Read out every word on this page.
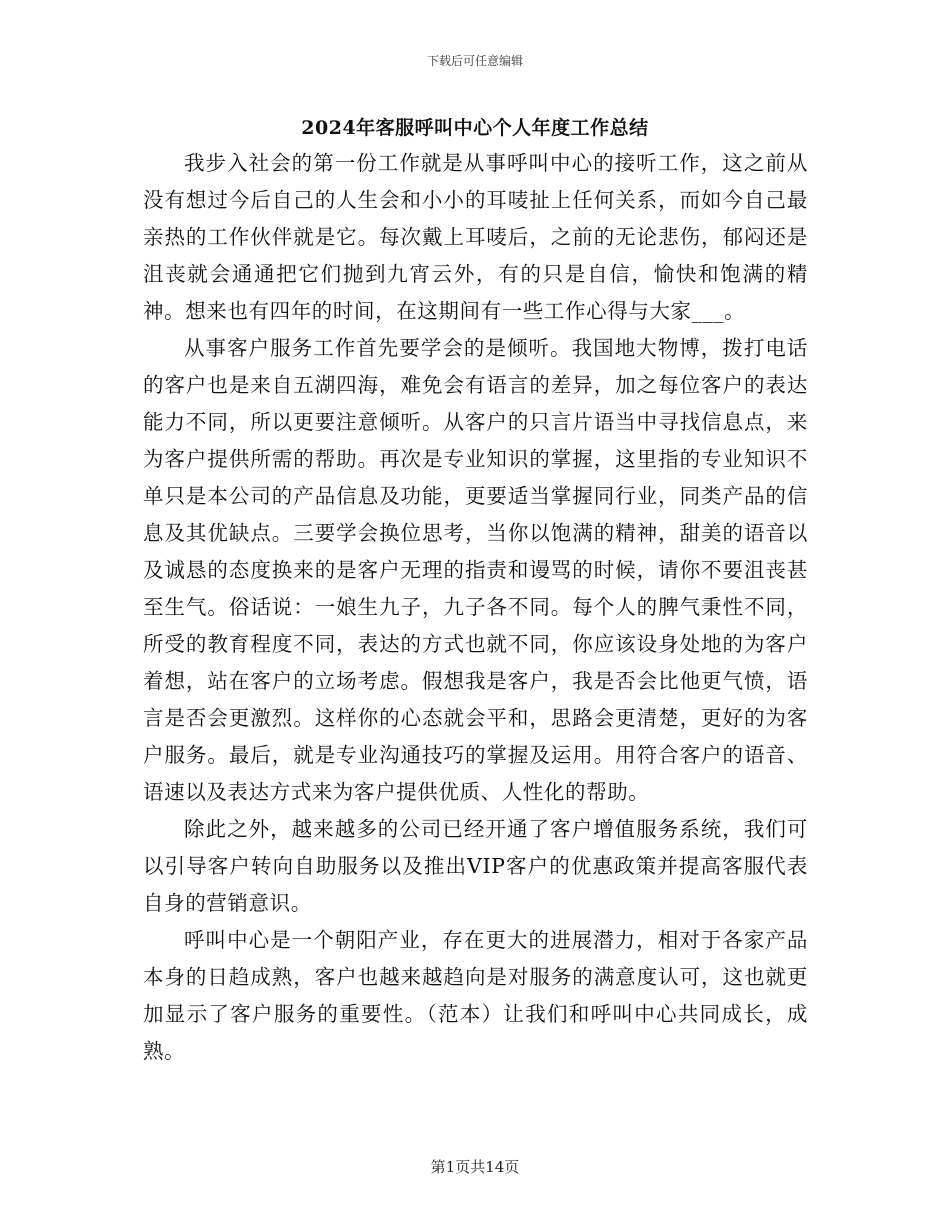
下载后可任意编辑
2024年客服呼叫中心个人年度工作总结

我步入社会的第一份工作就是从事呼叫中心的接听工作，这之前从没有想过今后自己的人生会和小小的耳唛扯上任何关系，而如今自己最亲热的工作伙伴就是它。每次戴上耳唛后，之前的无论悲伤，郁闷还是沮丧就会通通把它们抛到九宵云外，有的只是自信，愉快和饱满的精神。想来也有四年的时间，在这期间有一些工作心得与大家___。

从事客户服务工作首先要学会的是倾听。我国地大物博，拨打电话的客户也是来自五湖四海，难免会有语言的差异，加之每位客户的表达能力不同，所以更要注意倾听。从客户的只言片语当中寻找信息点，来为客户提供所需的帮助。再次是专业知识的掌握，这里指的专业知识不单只是本公司的产品信息及功能，更要适当掌握同行业，同类产品的信息及其优缺点。三要学会换位思考，当你以饱满的精神，甜美的语音以及诚恳的态度换来的是客户无理的指责和谩骂的时候，请你不要沮丧甚至生气。俗话说：一娘生九子，九子各不同。每个人的脾气秉性不同，所受的教育程度不同，表达的方式也就不同，你应该设身处地的为客户着想，站在客户的立场考虑。假想我是客户，我是否会比他更气愤，语言是否会更激烈。这样你的心态就会平和，思路会更清楚，更好的为客户服务。最后，就是专业沟通技巧的掌握及运用。用符合客户的语音、语速以及表达方式来为客户提供优质、人性化的帮助。

除此之外，越来越多的公司已经开通了客户增值服务系统，我们可以引导客户转向自助服务以及推出VIP客户的优惠政策并提高客服代表自身的营销意识。

呼叫中心是一个朝阳产业，存在更大的进展潜力，相对于各家产品本身的日趋成熟，客户也越来越趋向是对服务的满意度认可，这也就更加显示了客户服务的重要性。（范本）让我们和呼叫中心共同成长，成熟。

第1页共14页
